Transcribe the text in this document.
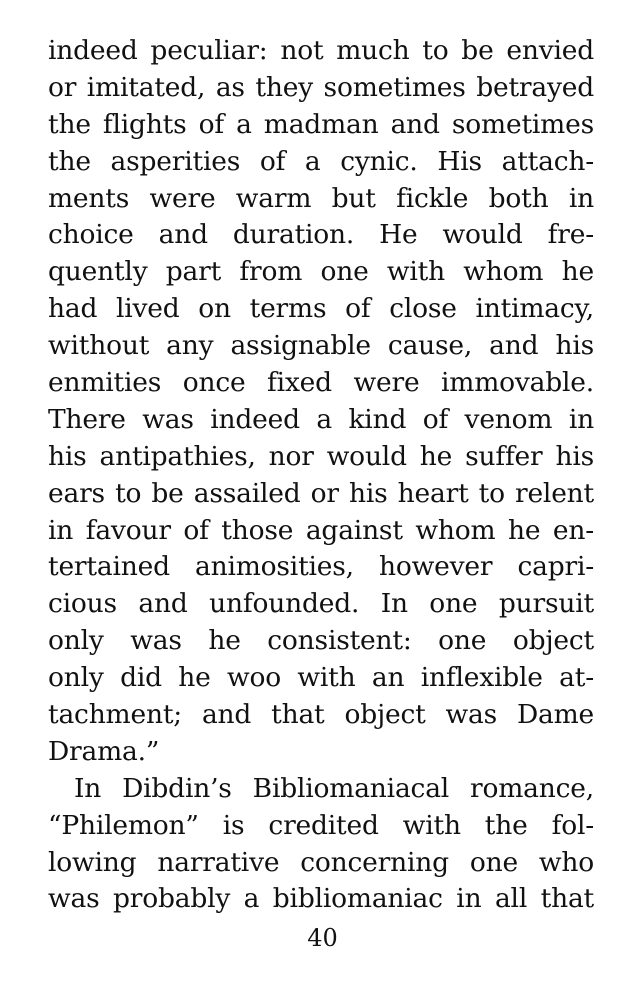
indeed peculiar: not much to be envied
or imitated, as they sometimes betrayed
the flights of a madman and sometimes
the asperities of a cynic. His attach-
ments were warm but fickle both in
choice and duration. He would fre-
quently part from one with whom he
had lived on terms of close intimacy,
without any assignable cause, and his
enmities once fixed were immovable.
There was indeed a kind of venom in
his antipathies, nor would he suffer his
ears to be assailed or his heart to relent
in favour of those against whom he en-
tertained animosities, however capri-
cious and unfounded. In one pursuit
only was he consistent: one object
only did he woo with an inflexible at-
tachment; and that object was Dame
Drama.”
In Dibdin’s Bibliomaniacal romance,
“Philemon” is credited with the fol-
lowing narrative concerning one who
was probably a bibliomaniac in all that
40
